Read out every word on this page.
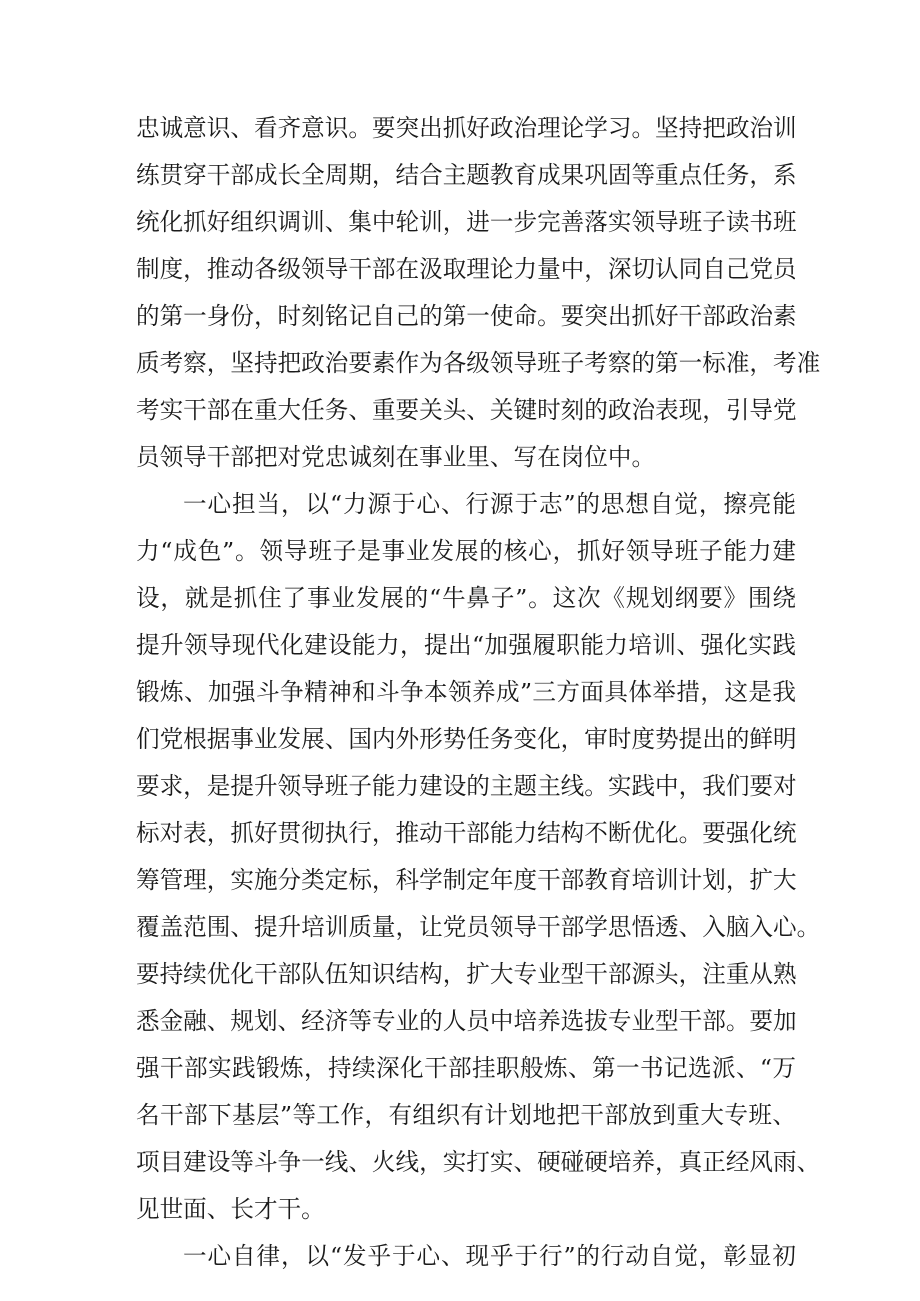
忠诚意识、看齐意识。要突出抓好政治理论学习。坚持把政治训
练贯穿干部成长全周期，结合主题教育成果巩固等重点任务，系
统化抓好组织调训、集中轮训，进一步完善落实领导班子读书班
制度，推动各级领导干部在汲取理论力量中，深切认同自己党员
的第一身份，时刻铭记自己的第一使命。要突出抓好干部政治素
质考察，坚持把政治要素作为各级领导班子考察的第一标准，考准
考实干部在重大任务、重要关头、关键时刻的政治表现，引导党
员领导干部把对党忠诚刻在事业里、写在岗位中。
一心担当，以“力源于心、行源于志”的思想自觉，擦亮能
力“成色”。领导班子是事业发展的核心，抓好领导班子能力建
设，就是抓住了事业发展的“牛鼻子”。这次《规划纲要》围绕
提升领导现代化建设能力，提出“加强履职能力培训、强化实践
锻炼、加强斗争精神和斗争本领养成”三方面具体举措，这是我
们党根据事业发展、国内外形势任务变化，审时度势提出的鲜明
要求，是提升领导班子能力建设的主题主线。实践中，我们要对
标对表，抓好贯彻执行，推动干部能力结构不断优化。要强化统
筹管理，实施分类定标，科学制定年度干部教育培训计划，扩大
覆盖范围、提升培训质量，让党员领导干部学思悟透、入脑入心。
要持续优化干部队伍知识结构，扩大专业型干部源头，注重从熟
悉金融、规划、经济等专业的人员中培养选拔专业型干部。要加
强干部实践锻炼，持续深化干部挂职般炼、第一书记选派、“万
名干部下基层”等工作，有组织有计划地把干部放到重大专班、
项目建设等斗争一线、火线，实打实、硬碰硬培养，真正经风雨、
见世面、长才干。
一心自律，以“发乎于心、现乎于行”的行动自觉，彰显初
